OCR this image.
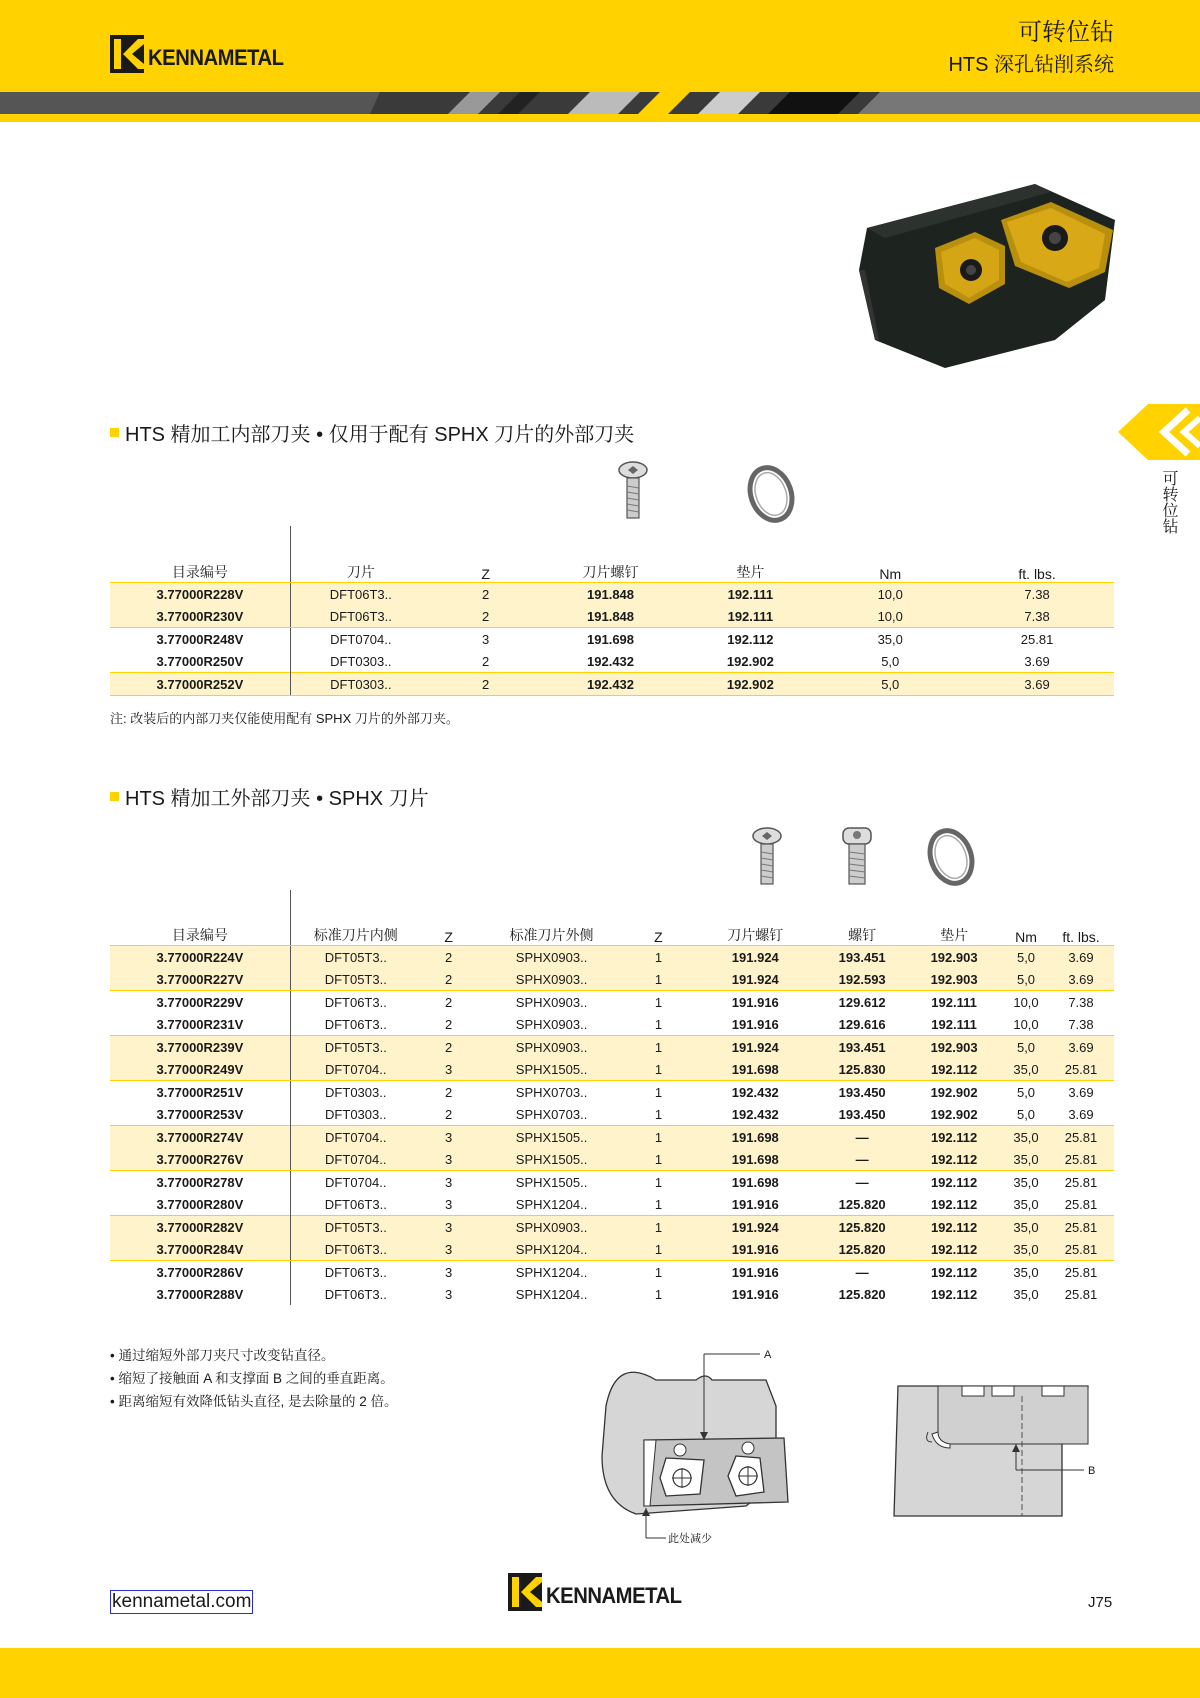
KENNAMETAL
可转位钻
HTS 深孔钻削系统
可转位钻
HTS 精加工内部刀夹 • 仅用于配有 SPHX 刀片的外部刀夹
目录编号	刀片	Z	刀片螺钉	垫片	Nm	ft. lbs.
3.77000R228V	DFT06T3..	2	191.848	192.111	10,0	7.38
3.77000R230V	DFT06T3..	2	191.848	192.111	10,0	7.38
3.77000R248V	DFT0704..	3	191.698	192.112	35,0	25.81
3.77000R250V	DFT0303..	2	192.432	192.902	5,0	3.69
3.77000R252V	DFT0303..	2	192.432	192.902	5,0	3.69
注: 改装后的内部刀夹仅能使用配有 SPHX 刀片的外部刀夹。
HTS 精加工外部刀夹 • SPHX 刀片
目录编号	标准刀片内侧	Z	标准刀片外侧	Z	刀片螺钉	螺钉	垫片	Nm	ft. lbs.
3.77000R224V	DFT05T3..	2	SPHX0903..	1	191.924	193.451	192.903	5,0	3.69
3.77000R227V	DFT05T3..	2	SPHX0903..	1	191.924	192.593	192.903	5,0	3.69
3.77000R229V	DFT06T3..	2	SPHX0903..	1	191.916	129.612	192.111	10,0	7.38
3.77000R231V	DFT06T3..	2	SPHX0903..	1	191.916	129.616	192.111	10,0	7.38
3.77000R239V	DFT05T3..	2	SPHX0903..	1	191.924	193.451	192.903	5,0	3.69
3.77000R249V	DFT0704..	3	SPHX1505..	1	191.698	125.830	192.112	35,0	25.81
3.77000R251V	DFT0303..	2	SPHX0703..	1	192.432	193.450	192.902	5,0	3.69
3.77000R253V	DFT0303..	2	SPHX0703..	1	192.432	193.450	192.902	5,0	3.69
3.77000R274V	DFT0704..	3	SPHX1505..	1	191.698	—	192.112	35,0	25.81
3.77000R276V	DFT0704..	3	SPHX1505..	1	191.698	—	192.112	35,0	25.81
3.77000R278V	DFT0704..	3	SPHX1505..	1	191.698	—	192.112	35,0	25.81
3.77000R280V	DFT06T3..	3	SPHX1204..	1	191.916	125.820	192.112	35,0	25.81
3.77000R282V	DFT05T3..	3	SPHX0903..	1	191.924	125.820	192.112	35,0	25.81
3.77000R284V	DFT06T3..	3	SPHX1204..	1	191.916	125.820	192.112	35,0	25.81
3.77000R286V	DFT06T3..	3	SPHX1204..	1	191.916	—	192.112	35,0	25.81
3.77000R288V	DFT06T3..	3	SPHX1204..	1	191.916	125.820	192.112	35,0	25.81
• 通过缩短外部刀夹尺寸改变钻直径。
• 缩短了接触面 A 和支撑面 B 之间的垂直距离。
• 距离缩短有效降低钻头直径, 是去除量的 2 倍。
A
此处减少
B
kennametal.com	KENNAMETAL	J75
